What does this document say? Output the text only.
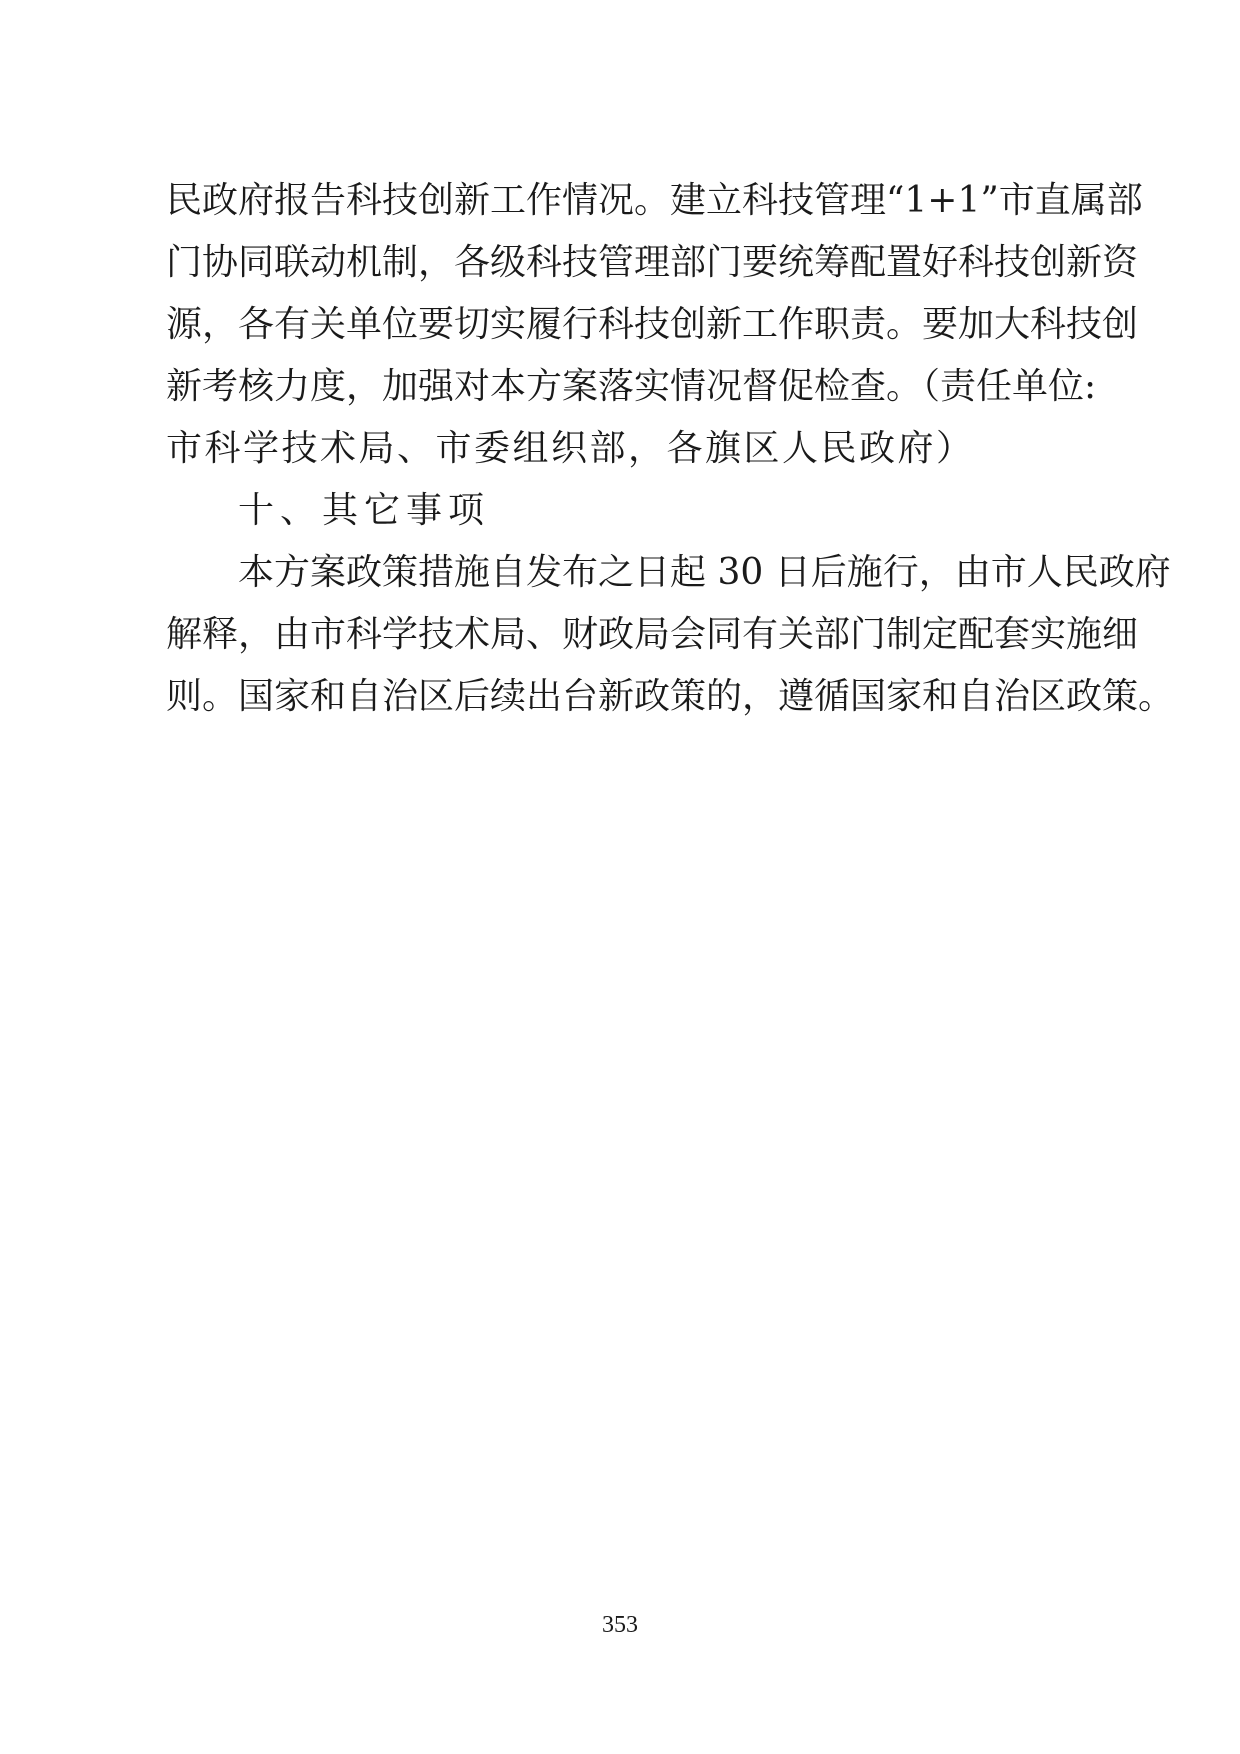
民政府报告科技创新工作情况。建立科技管理“1+1”市直属部
门协同联动机制，各级科技管理部门要统筹配置好科技创新资
源，各有关单位要切实履行科技创新工作职责。要加大科技创
新考核力度，加强对本方案落实情况督促检查。（责任单位:
市科学技术局、市委组织部，各旗区人民政府）
十、其它事项
本方案政策措施自发布之日起 30 日后施行，由市人民政府
解释，由市科学技术局、财政局会同有关部门制定配套实施细
则。国家和自治区后续出台新政策的，遵循国家和自治区政策。
353
